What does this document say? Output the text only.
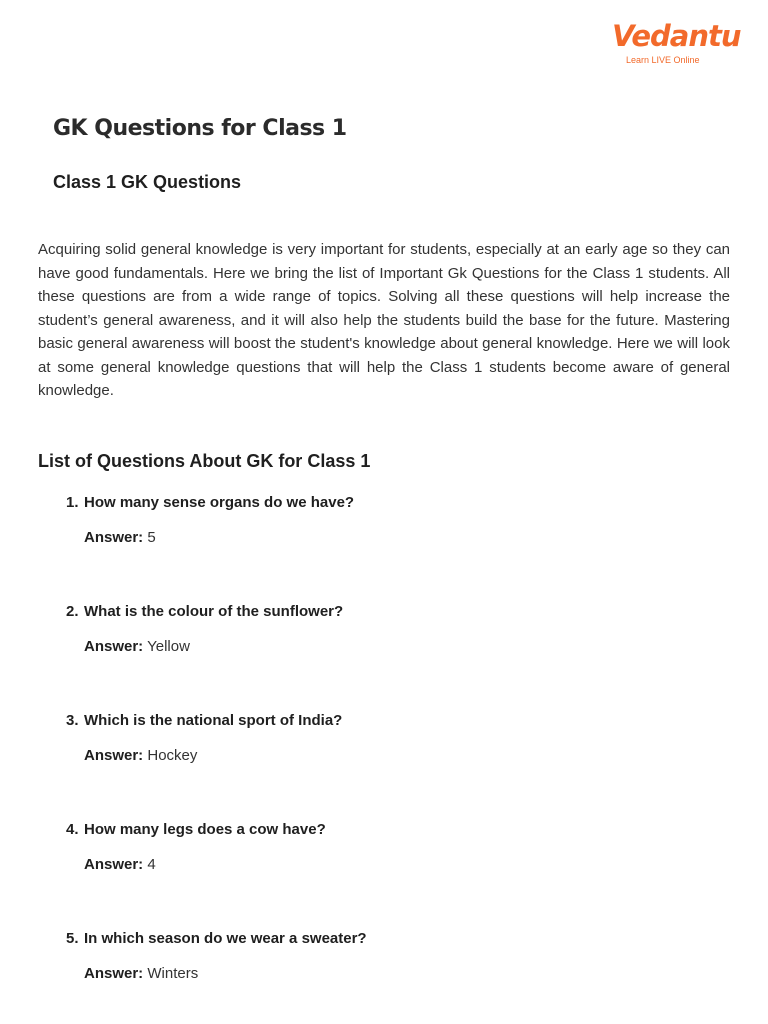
Vedantu
Learn LIVE Online
GK Questions for Class 1
Class 1 GK Questions

Acquiring solid general knowledge is very important for students, especially at an early age so they can have good fundamentals. Here we bring the list of Important Gk Questions for the Class 1 students. All these questions are from a wide range of topics. Solving all these questions will help increase the student’s general awareness, and it will also help the students build the base for the future. Mastering basic general awareness will boost the student's knowledge about general knowledge. Here we will look at some general knowledge questions that will help the Class 1 students become aware of general knowledge.

List of Questions About GK for Class 1
1. How many sense organs do we have?
Answer: 5
2. What is the colour of the sunflower?
Answer: Yellow
3. Which is the national sport of India?
Answer: Hockey
4. How many legs does a cow have?
Answer: 4
5. In which season do we wear a sweater?
Answer: Winters
